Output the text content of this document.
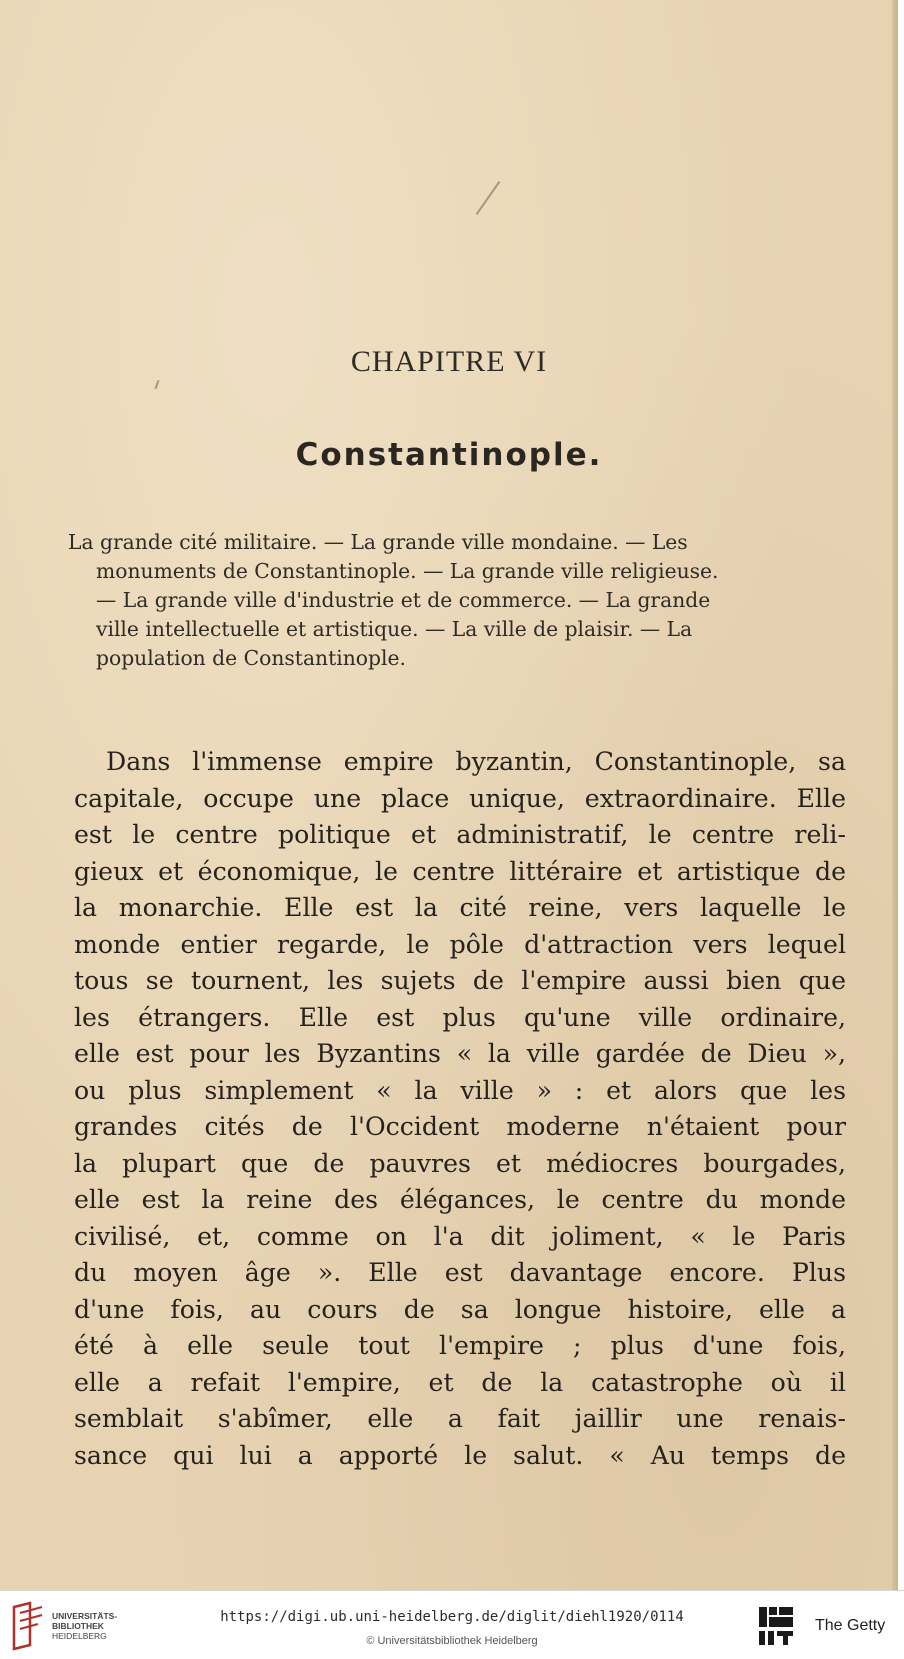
CHAPITRE VI
Constantinople.
La grande cité militaire. — La grande ville mondaine. — Les
monuments de Constantinople. — La grande ville religieuse.
— La grande ville d'industrie et de commerce. — La grande
ville intellectuelle et artistique. — La ville de plaisir. — La
population de Constantinople.
Dans l'immense empire byzantin, Constantinople, sa
capitale, occupe une place unique, extraordinaire. Elle
est le centre politique et administratif, le centre reli-
gieux et économique, le centre littéraire et artistique de
la monarchie. Elle est la cité reine, vers laquelle le
monde entier regarde, le pôle d'attraction vers lequel
tous se tournent, les sujets de l'empire aussi bien que
les étrangers. Elle est plus qu'une ville ordinaire,
elle est pour les Byzantins « la ville gardée de Dieu »,
ou plus simplement « la ville » : et alors que les
grandes cités de l'Occident moderne n'étaient pour
la plupart que de pauvres et médiocres bourgades,
elle est la reine des élégances, le centre du monde
civilisé, et, comme on l'a dit joliment, « le Paris
du moyen âge ». Elle est davantage encore. Plus
d'une fois, au cours de sa longue histoire, elle a
été à elle seule tout l'empire ; plus d'une fois,
elle a refait l'empire, et de la catastrophe où il
semblait s'abîmer, elle a fait jaillir une renais-
sance qui lui a apporté le salut. « Au temps de
UNIVERSITÄTS-
BIBLIOTHEK
HEIDELBERG
https://digi.ub.uni-heidelberg.de/diglit/diehl1920/0114
© Universitätsbibliothek Heidelberg
The Getty
